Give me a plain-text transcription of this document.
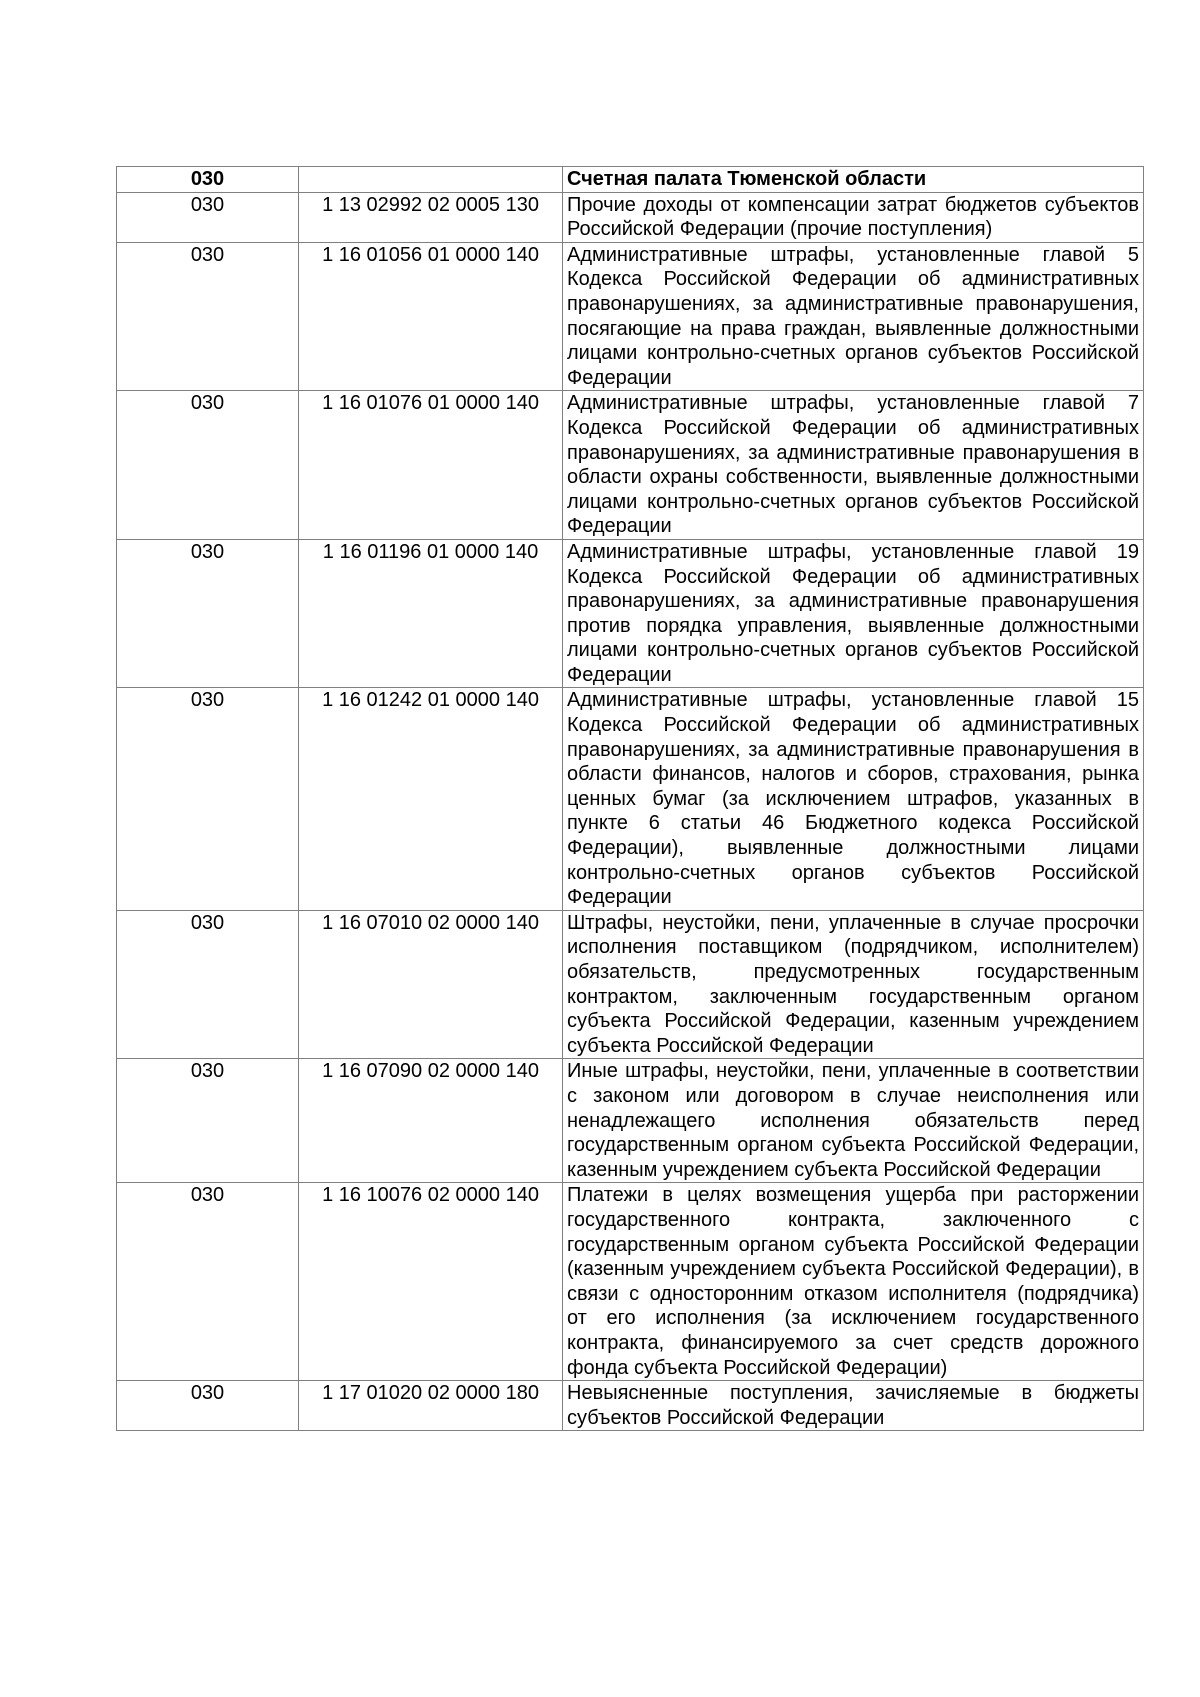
030		Счетная палата Тюменской области
030	1 13 02992 02 0005 130	Прочие доходы от компенсации затрат бюджетов субъектов Российской Федерации (прочие поступления)
030	1 16 01056 01 0000 140	Административные штрафы, установленные главой 5 Кодекса Российской Федерации об административных правонарушениях, за административные правонарушения, посягающие на права граждан, выявленные должностными лицами контрольно-счетных органов субъектов Российской Федерации
030	1 16 01076 01 0000 140	Административные штрафы, установленные главой 7 Кодекса Российской Федерации об административных правонарушениях, за административные правонарушения в области охраны собственности, выявленные должностными лицами контрольно-счетных органов субъектов Российской Федерации
030	1 16 01196 01 0000 140	Административные штрафы, установленные главой 19 Кодекса Российской Федерации об административных правонарушениях, за административные правонарушения против порядка управления, выявленные должностными лицами контрольно-счетных органов субъектов Российской Федерации
030	1 16 01242 01 0000 140	Административные штрафы, установленные главой 15 Кодекса Российской Федерации об административных правонарушениях, за административные правонарушения в области финансов, налогов и сборов, страхования, рынка ценных бумаг (за исключением штрафов, указанных в пункте 6 статьи 46 Бюджетного кодекса Российской Федерации), выявленные должностными лицами контрольно-счетных органов субъектов Российской Федерации
030	1 16 07010 02 0000 140	Штрафы, неустойки, пени, уплаченные в случае просрочки исполнения поставщиком (подрядчиком, исполнителем) обязательств, предусмотренных государственным контрактом, заключенным государственным органом субъекта Российской Федерации, казенным учреждением субъекта Российской Федерации
030	1 16 07090 02 0000 140	Иные штрафы, неустойки, пени, уплаченные в соответствии с законом или договором в случае неисполнения или ненадлежащего исполнения обязательств перед государственным органом субъекта Российской Федерации, казенным учреждением субъекта Российской Федерации
030	1 16 10076 02 0000 140	Платежи в целях возмещения ущерба при расторжении государственного контракта, заключенного с государственным органом субъекта Российской Федерации (казенным учреждением субъекта Российской Федерации), в связи с односторонним отказом исполнителя (подрядчика) от его исполнения (за исключением государственного контракта, финансируемого за счет средств дорожного фонда субъекта Российской Федерации)
030	1 17 01020 02 0000 180	Невыясненные поступления, зачисляемые в бюджеты субъектов Российской Федерации
